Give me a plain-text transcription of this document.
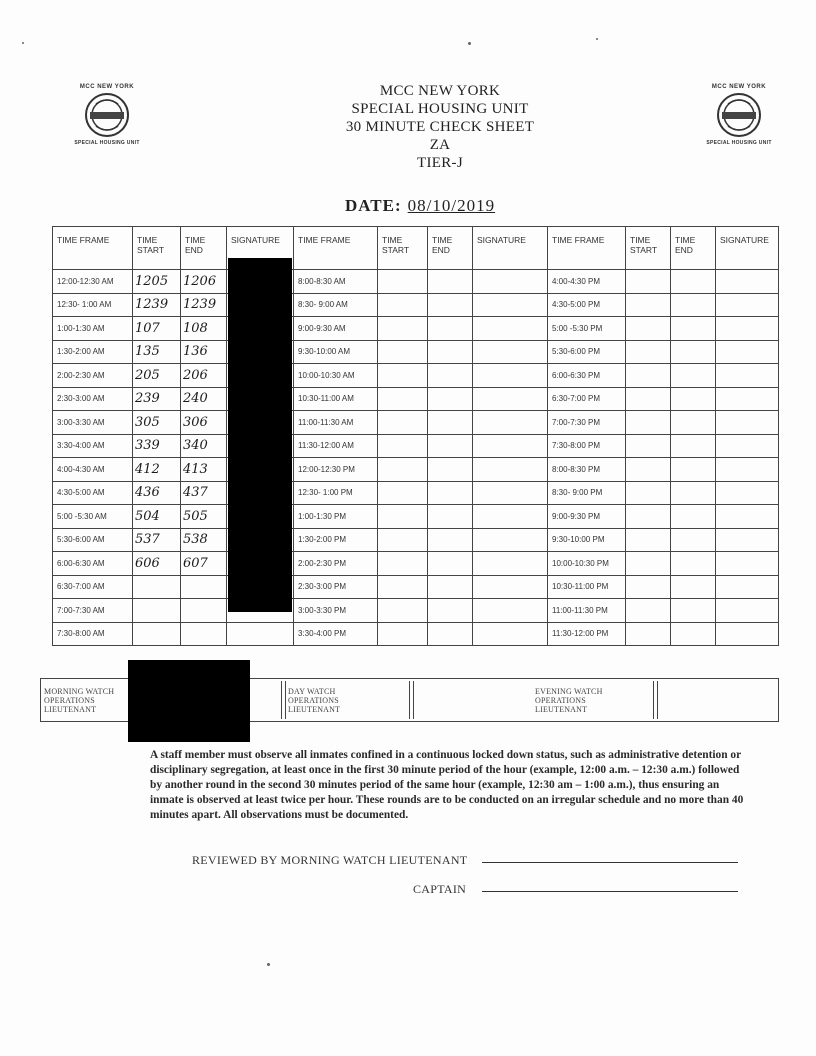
MCC NEW YORK
SPECIAL HOUSING UNIT
MCC NEW YORK
SPECIAL HOUSING UNIT
30 MINUTE CHECK SHEET
ZA
TIER-J
MCC NEW YORK
SPECIAL HOUSING UNIT
DATE: 08/10/2019
TIME FRAME	TIME START	TIME END	SIGNATURE	TIME FRAME	TIME START	TIME END	SIGNATURE	TIME FRAME	TIME START	TIME END	SIGNATURE
12:00-12:30 AM	1205	1206		8:00-8:30 AM				4:00-4:30 PM			
12:30- 1:00 AM	1239	1239		8:30- 9:00 AM				4:30-5:00 PM			
1:00-1:30 AM	107	108		9:00-9:30 AM				5:00 -5:30 PM			
1:30-2:00 AM	135	136		9:30-10:00 AM				5:30-6:00 PM			
2:00-2:30 AM	205	206		10:00-10:30 AM				6:00-6:30 PM			
2:30-3:00 AM	239	240		10:30-11:00 AM				6:30-7:00 PM			
3:00-3:30 AM	305	306		11:00-11:30 AM				7:00-7:30 PM			
3:30-4:00 AM	339	340		11:30-12:00 AM				7:30-8:00 PM			
4:00-4:30 AM	412	413		12:00-12:30 PM				8:00-8:30 PM			
4:30-5:00 AM	436	437		12:30- 1:00 PM				8:30- 9:00 PM			
5:00 -5:30 AM	504	505		1:00-1:30 PM				9:00-9:30 PM			
5:30-6:00 AM	537	538		1:30-2:00 PM				9:30-10:00 PM			
6:00-6:30 AM	606	607		2:00-2:30 PM				10:00-10:30 PM			
6:30-7:00 AM				2:30-3:00 PM				10:30-11:00 PM			
7:00-7:30 AM				3:00-3:30 PM				11:00-11:30 PM			
7:30-8:00 AM				3:30-4:00 PM				11:30-12:00 PM			
MORNING WATCH OPERATIONS LIEUTENANT
DAY WATCH OPERATIONS LIEUTENANT
EVENING WATCH OPERATIONS LIEUTENANT
A staff member must observe all inmates confined in a continuous locked down status, such as administrative detention or disciplinary segregation, at least once in the first 30 minute period of the hour (example, 12:00 a.m. – 12:30 a.m.) followed by another round in the second 30 minutes period of the same hour (example, 12:30 am – 1:00 a.m.), thus ensuring an inmate is observed at least twice per hour. These rounds are to be conducted on an irregular schedule and no more than 40 minutes apart. All observations must be documented.
REVIEWED BY MORNING WATCH LIEUTENANT
CAPTAIN
